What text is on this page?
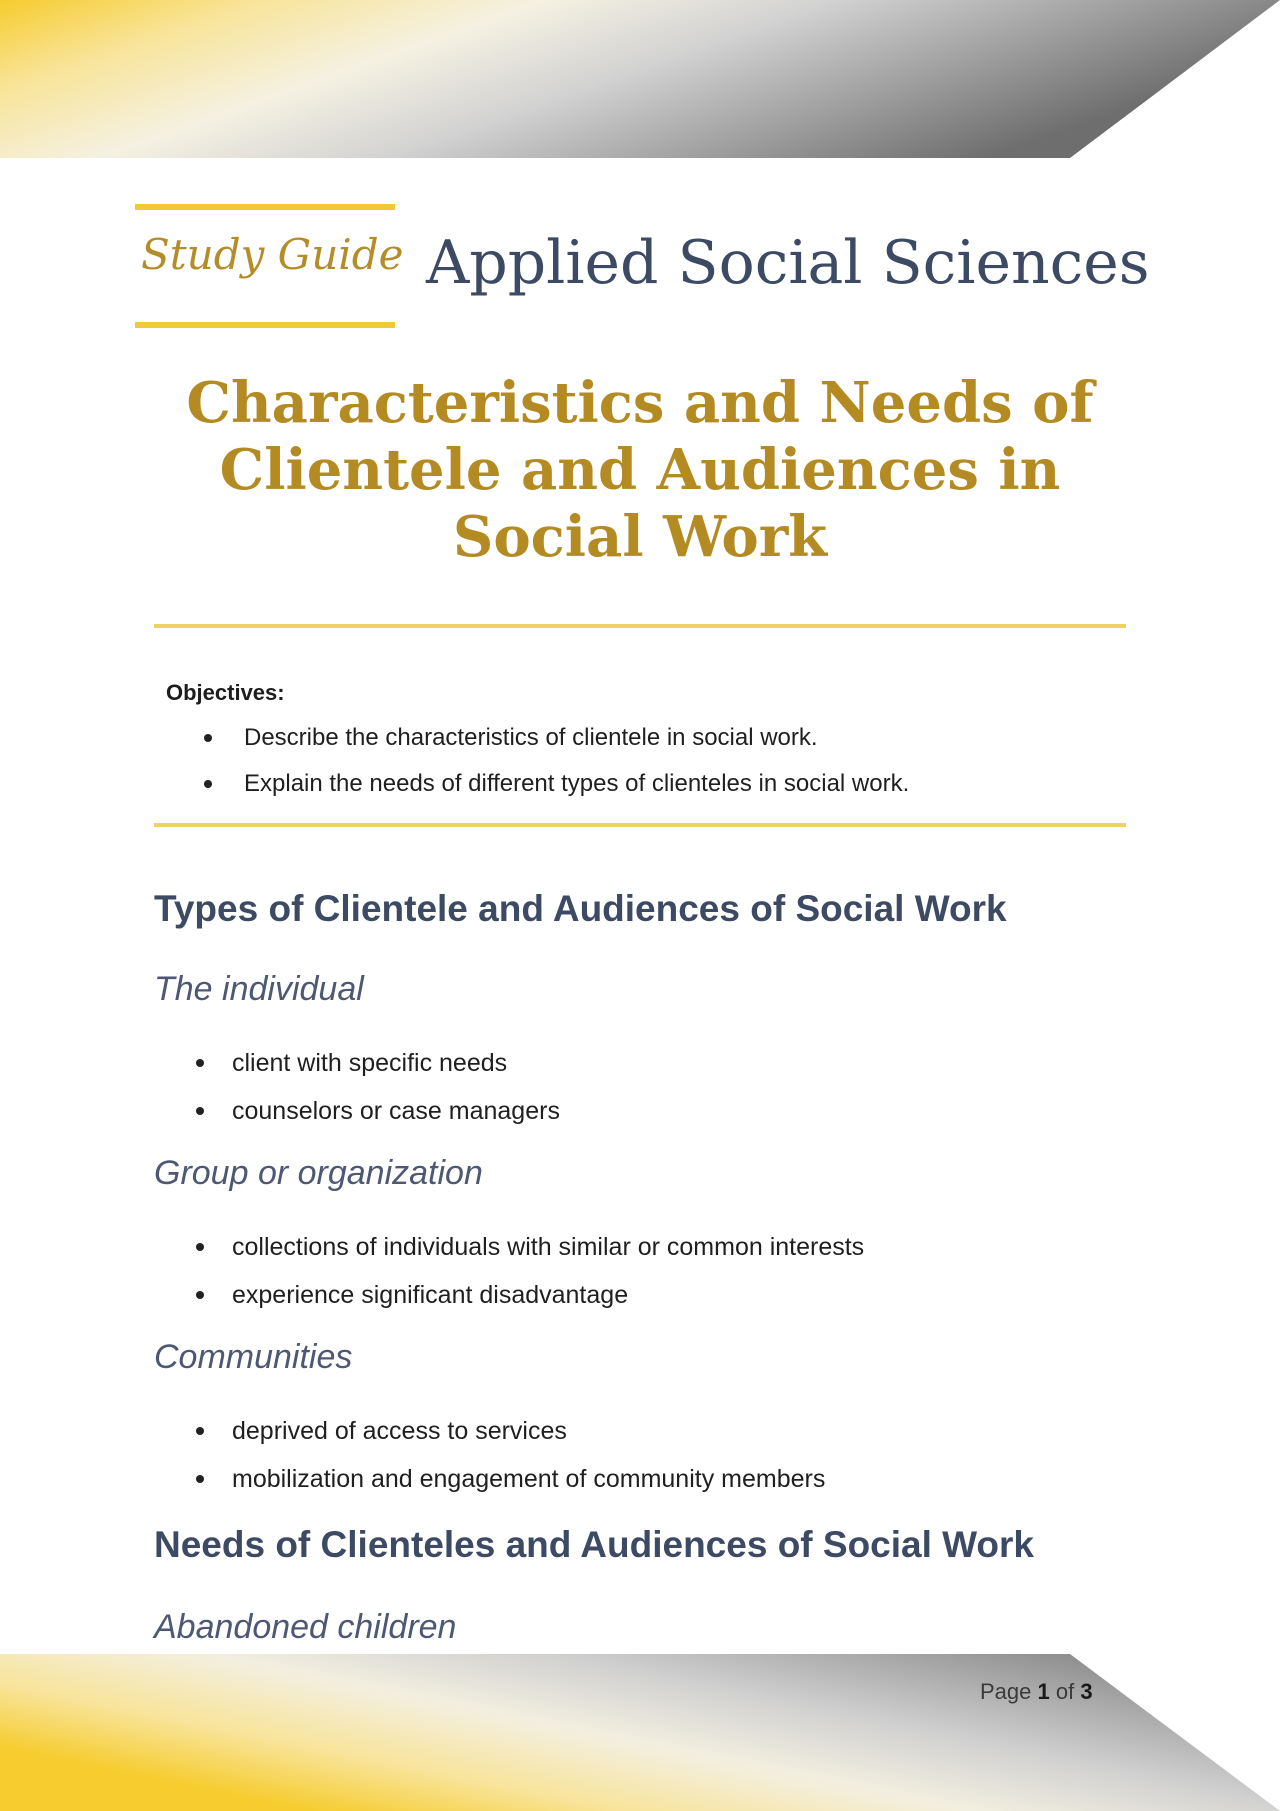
Study Guide Applied Social Sciences
Characteristics and Needs of Clientele and Audiences in Social Work
Objectives:
Describe the characteristics of clientele in social work.
Explain the needs of different types of clienteles in social work.
Types of Clientele and Audiences of Social Work
The individual
client with specific needs
counselors or case managers
Group or organization
collections of individuals with similar or common interests
experience significant disadvantage
Communities
deprived of access to services
mobilization and engagement of community members
Needs of Clienteles and Audiences of Social Work
Abandoned children
Page 1 of 3
